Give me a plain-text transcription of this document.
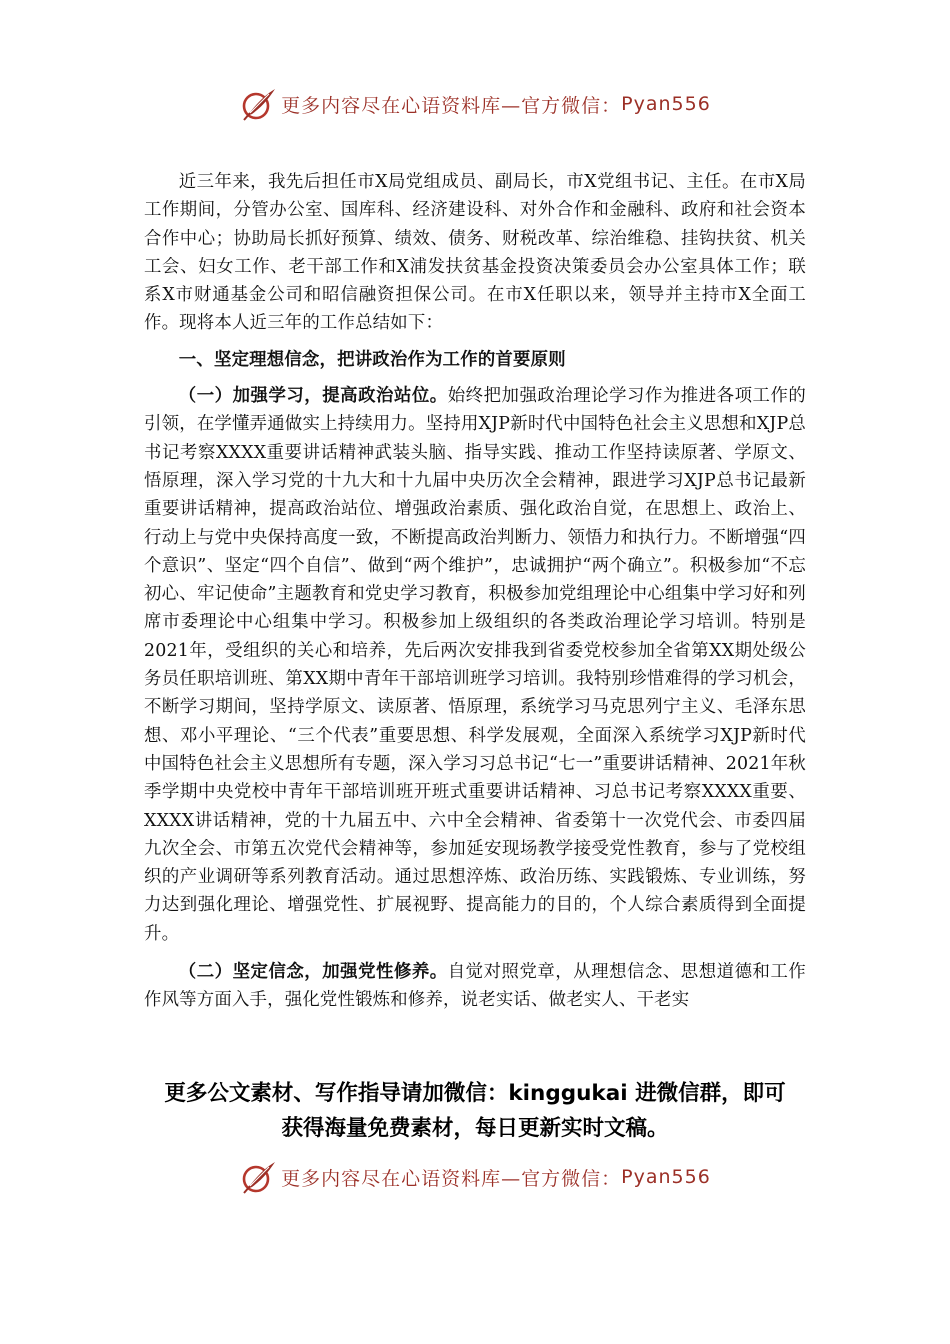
更多内容尽在心语资料库—官方微信： Pyan556

近三年来，我先后担任市X局党组成员、副局长，市X党组书记、主任。在市X局工作期间，分管办公室、国库科、经济建设科、对外合作和金融科、政府和社会资本合作中心；协助局长抓好预算、绩效、债务、财税改革、综治维稳、挂钩扶贫、机关工会、妇女工作、老干部工作和X浦发扶贫基金投资决策委员会办公室具体工作；联系X市财通基金公司和昭信融资担保公司。在市X任职以来，领导并主持市X全面工作。现将本人近三年的工作总结如下：

一、坚定理想信念，把讲政治作为工作的首要原则

（一）加强学习，提高政治站位。始终把加强政治理论学习作为推进各项工作的引领，在学懂弄通做实上持续用力。坚持用XJP新时代中国特色社会主义思想和XJP总书记考察XXXX重要讲话精神武装头脑、指导实践、推动工作坚持读原著、学原文、悟原理，深入学习党的十九大和十九届中央历次全会精神，跟进学习XJP总书记最新重要讲话精神，提高政治站位、增强政治素质、强化政治自觉，在思想上、政治上、行动上与党中央保持高度一致，不断提高政治判断力、领悟力和执行力。不断增强“四个意识”、坚定“四个自信”、做到“两个维护”，忠诚拥护“两个确立”。积极参加“不忘初心、牢记使命”主题教育和党史学习教育，积极参加党组理论中心组集中学习好和列席市委理论中心组集中学习。积极参加上级组织的各类政治理论学习培训。特别是2021年，受组织的关心和培养，先后两次安排我到省委党校参加全省第XX期处级公务员任职培训班、第XX期中青年干部培训班学习培训。我特别珍惜难得的学习机会，不断学习期间，坚持学原文、读原著、悟原理，系统学习马克思列宁主义、毛泽东思想、邓小平理论、“三个代表”重要思想、科学发展观，全面深入系统学习XJP新时代中国特色社会主义思想所有专题，深入学习习总书记“七一”重要讲话精神、2021年秋季学期中央党校中青年干部培训班开班式重要讲话精神、习总书记考察XXXX重要、XXXX讲话精神，党的十九届五中、六中全会精神、省委第十一次党代会、市委四届九次全会、市第五次党代会精神等，参加延安现场教学接受党性教育，参与了党校组织的产业调研等系列教育活动。通过思想淬炼、政治历练、实践锻炼、专业训练，努力达到强化理论、增强党性、扩展视野、提高能力的目的，个人综合素质得到全面提升。

（二）坚定信念，加强党性修养。自觉对照党章，从理想信念、思想道德和工作作风等方面入手，强化党性锻炼和修养，说老实话、做老实人、干老实

更多公文素材、写作指导请加微信：kinggukai 进微信群，即可
获得海量免费素材，每日更新实时文稿。
更多内容尽在心语资料库—官方微信： Pyan556
